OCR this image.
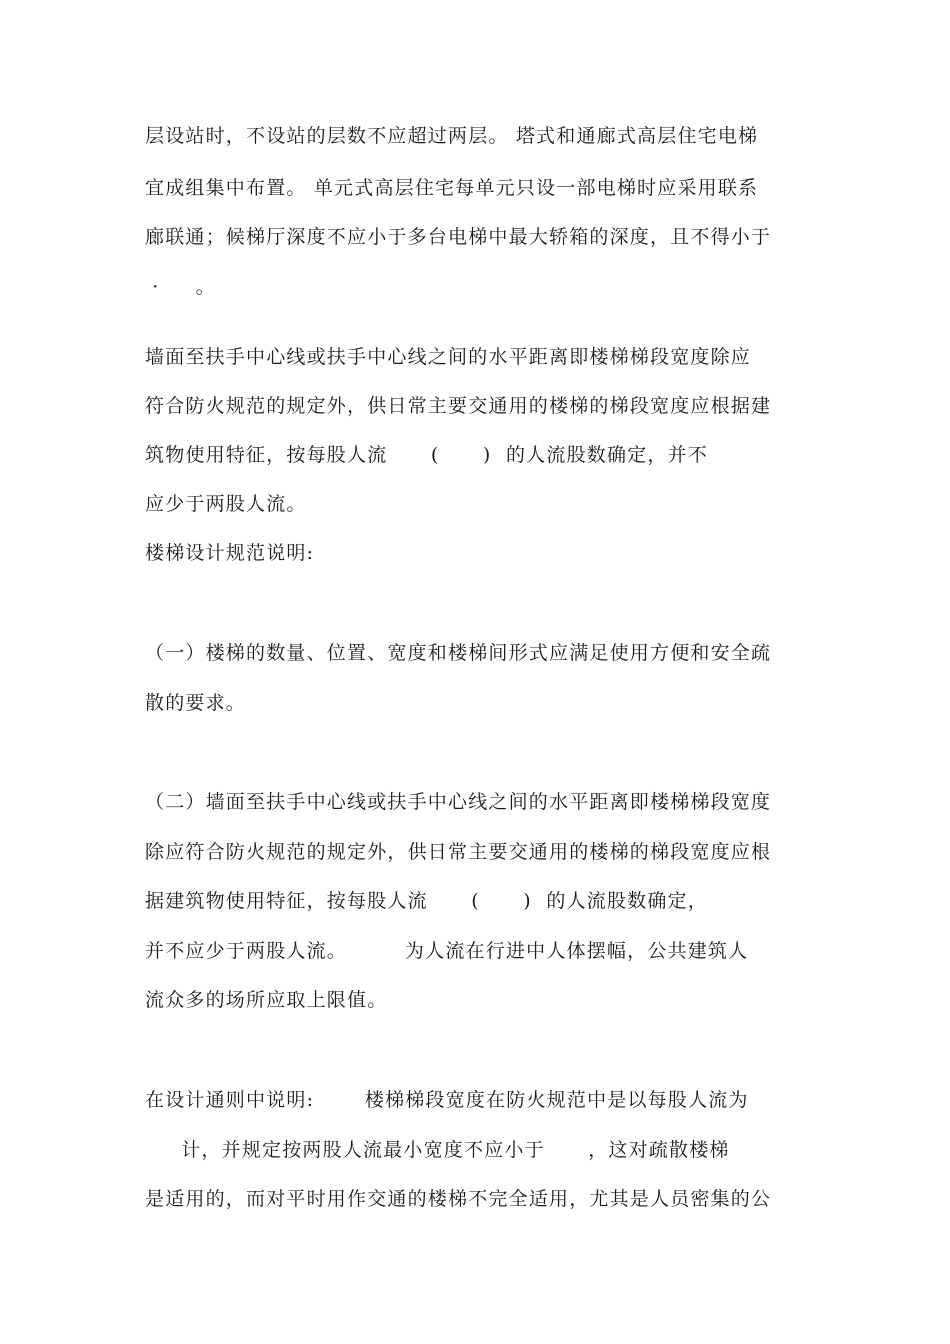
层设站时，不设站的层数不应超过两层。 塔式和通廊式高层住宅电梯
宜成组集中布置。 单元式高层住宅每单元只设一部电梯时应采用联系
廊联通；候梯厅深度不应小于多台电梯中最大轿箱的深度，且不得小于
·     。
墙面至扶手中心线或扶手中心线之间的水平距离即楼梯梯段宽度除应
符合防火规范的规定外，供日常主要交通用的楼梯的梯段宽度应根据建
筑物使用特征，按每股人流      (      )  的人流股数确定，并不
应少于两股人流。
楼梯设计规范说明:
（一）楼梯的数量、位置、宽度和楼梯间形式应满足使用方便和安全疏
散的要求。
（二）墙面至扶手中心线或扶手中心线之间的水平距离即楼梯梯段宽度
除应符合防火规范的规定外，供日常主要交通用的楼梯的梯段宽度应根
据建筑物使用特征，按每股人流      (      )  的人流股数确定，
并不应少于两股人流。        为人流在行进中人体摆幅，公共建筑人
流众多的场所应取上限值。
在设计通则中说明:       楼梯梯段宽度在防火规范中是以每股人流为
计，并规定按两股人流最小宽度不应小于      ，这对疏散楼梯
是适用的，而对平时用作交通的楼梯不完全适用，尤其是人员密集的公
